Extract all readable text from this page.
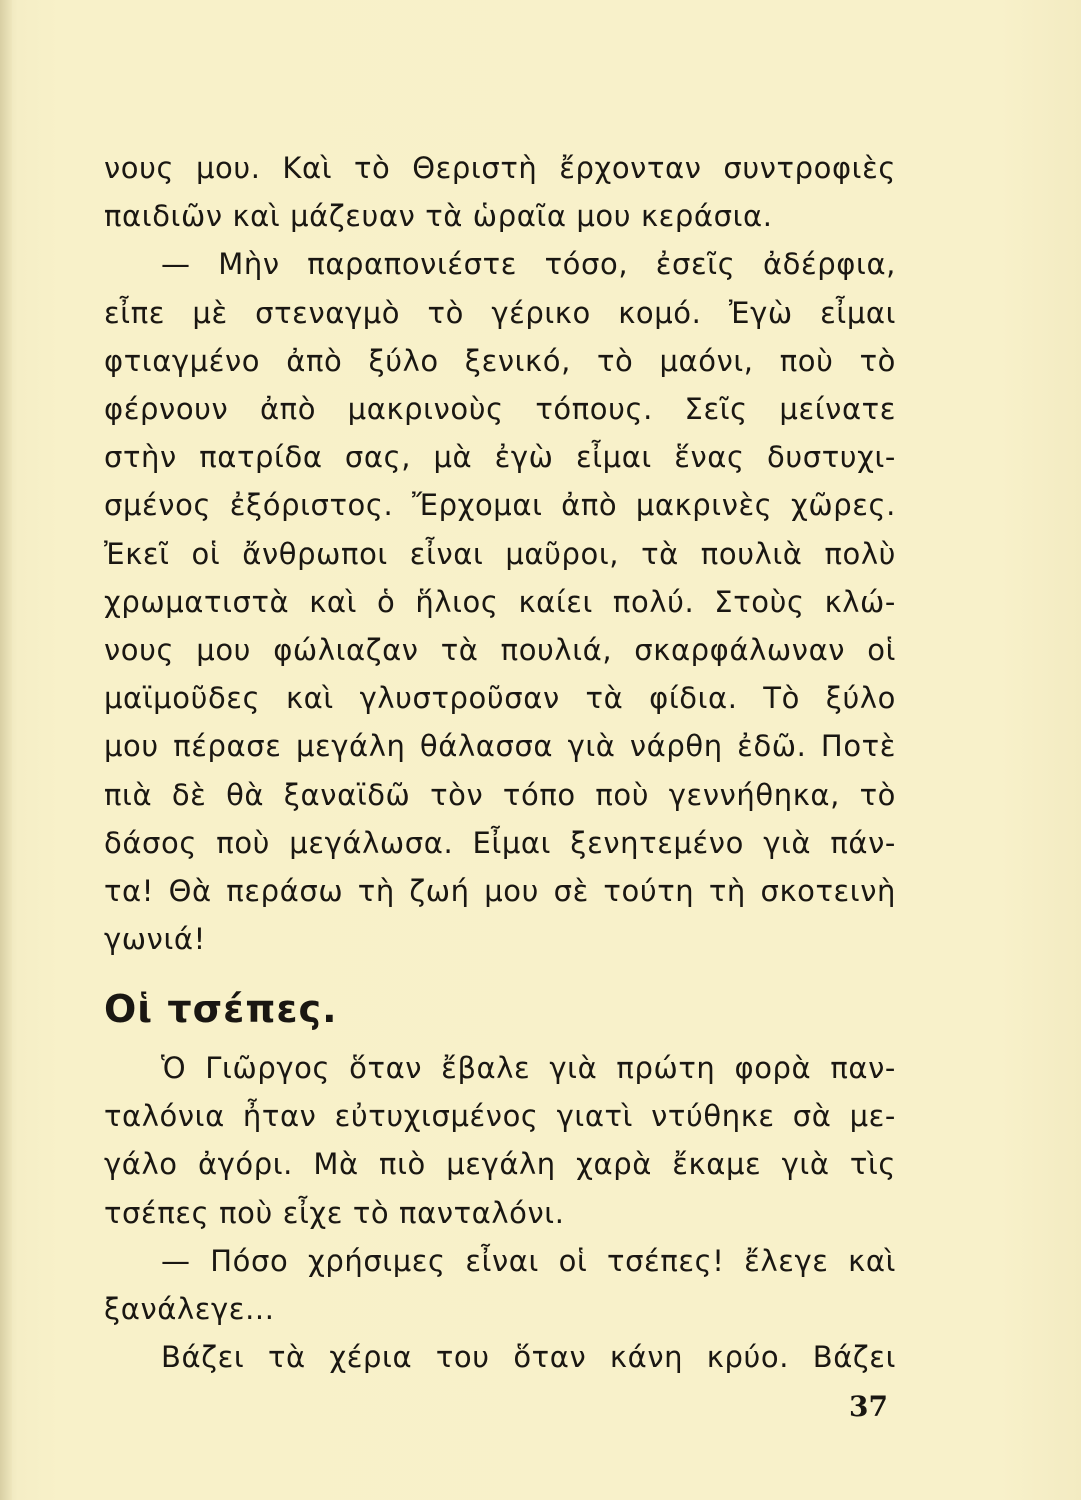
νους μου. Καὶ τὸ Θεριστὴ ἔρχονταν συντροφιὲς
παιδιῶν καὶ μάζευαν τὰ ὡραῖα μου κεράσια.
— Μὴν παραπονιέστε τόσο, ἐσεῖς ἀδέρφια,
εἶπε μὲ στεναγμὸ τὸ γέρικο κομό. Ἐγὼ εἶμαι
φτιαγμένο ἀπὸ ξύλο ξενικό, τὸ μαόνι, ποὺ τὸ
φέρνουν ἀπὸ μακρινοὺς τόπους. Σεῖς μείνατε
στὴν πατρίδα σας, μὰ ἐγὼ εἶμαι ἕνας δυστυχι-
σμένος ἐξόριστος. Ἔρχομαι ἀπὸ μακρινὲς χῶρες.
Ἐκεῖ οἱ ἄνθρωποι εἶναι μαῦροι, τὰ πουλιὰ πολὺ
χρωματιστὰ καὶ ὁ ἥλιος καίει πολύ. Στοὺς κλώ-
νους μου φώλιαζαν τὰ πουλιά, σκαρφάλωναν οἱ
μαϊμοῦδες καὶ γλυστροῦσαν τὰ φίδια. Τὸ ξύλο
μου πέρασε μεγάλη θάλασσα γιὰ νάρθη ἐδῶ. Ποτὲ
πιὰ δὲ θὰ ξαναϊδῶ τὸν τόπο ποὺ γεννήθηκα, τὸ
δάσος ποὺ μεγάλωσα. Εἶμαι ξενητεμένο γιὰ πάν-
τα! Θὰ περάσω τὴ ζωή μου σὲ τούτη τὴ σκοτεινὴ
γωνιά!
Οἱ τσέπες.
Ὁ Γιῶργος ὅταν ἔβαλε γιὰ πρώτη φορὰ παν-
ταλόνια ἦταν εὐτυχισμένος γιατὶ ντύθηκε σὰ με-
γάλο ἀγόρι. Μὰ πιὸ μεγάλη χαρὰ ἔκαμε γιὰ τὶς
τσέπες ποὺ εἶχε τὸ πανταλόνι.
— Πόσο χρήσιμες εἶναι οἱ τσέπες! ἔλεγε καὶ
ξανάλεγε...
Βάζει τὰ χέρια του ὅταν κάνη κρύο. Βάζει
37
